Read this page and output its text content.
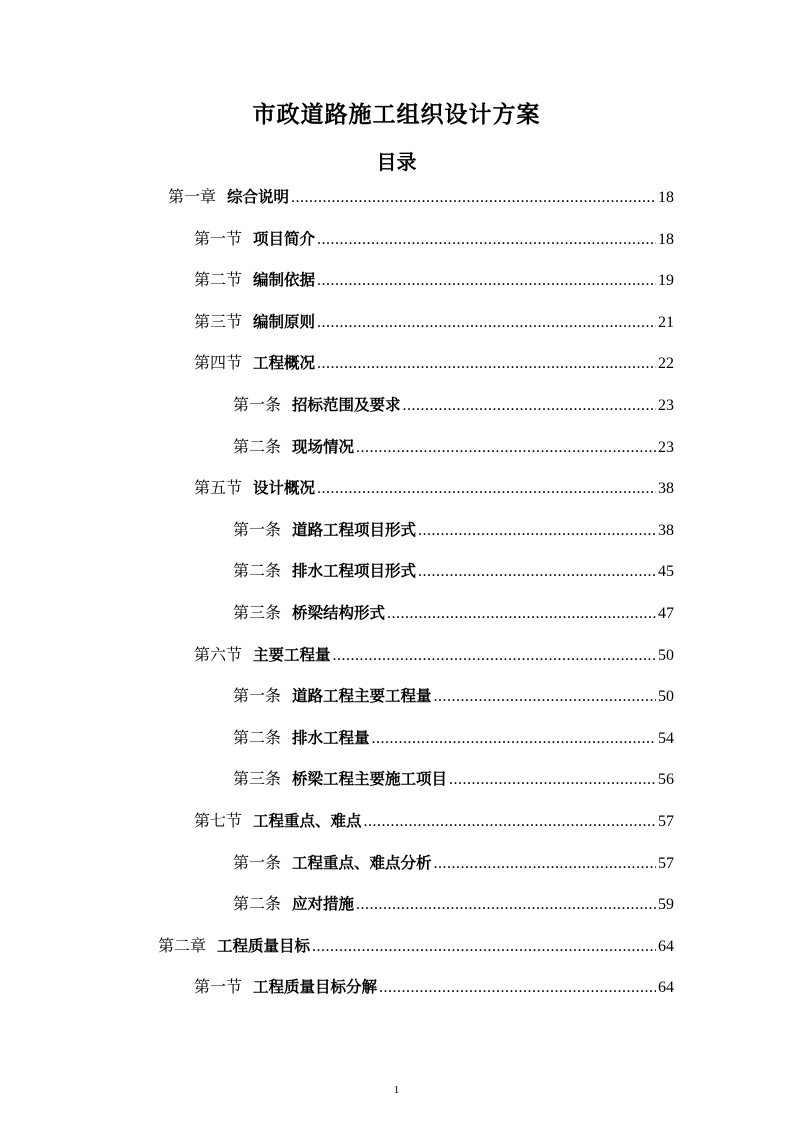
市政道路施工组织设计方案
目录
第一章 综合说明 .....	18
第一节 项目简介 .....	18
第二节 编制依据 .....	19
第三节 编制原则 .....	21
第四节 工程概况 .....	22
第一条 招标范围及要求 .....	23
第二条 现场情况 .....	23
第五节 设计概况 .....	38
第一条 道路工程项目形式 .....	38
第二条 排水工程项目形式 .....	45
第三条 桥梁结构形式 .....	47
第六节 主要工程量 .....	50
第一条 道路工程主要工程量 .....	50
第二条 排水工程量 .....	54
第三条 桥梁工程主要施工项目 .....	56
第七节 工程重点、难点 .....	57
第一条 工程重点、难点分析 .....	57
第二条 应对措施 .....	59
第二章 工程质量目标 .....	64
第一节 工程质量目标分解 .....	64
1
